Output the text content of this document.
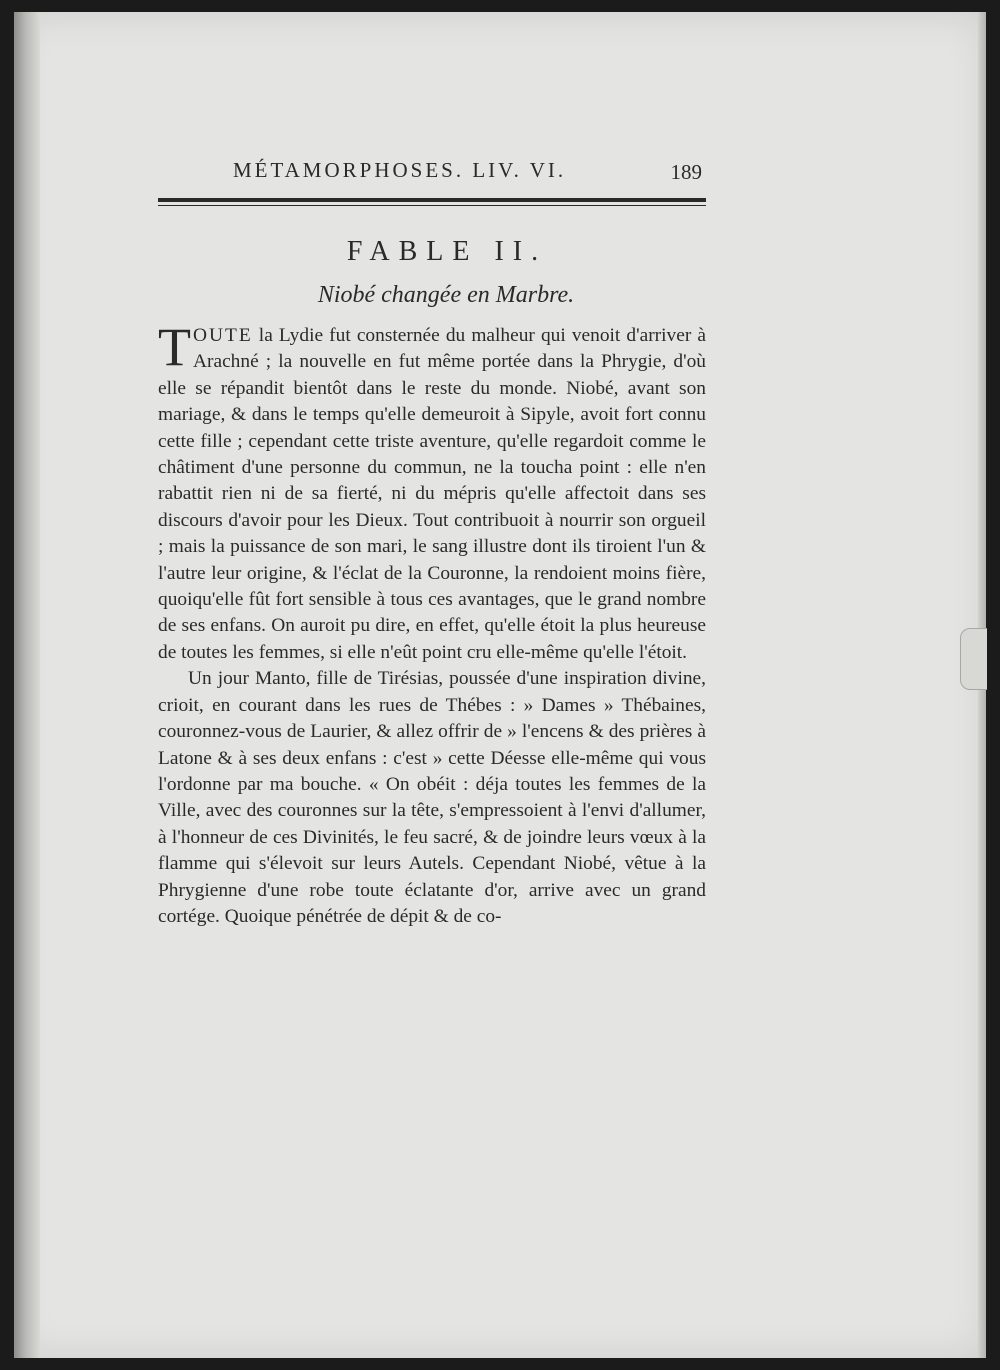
MÉTAMORPHOSES. LIV. VI.	189
FABLE II.
Niobé changée en Marbre.

TOUTE la Lydie fut consternée du malheur qui venoit d'arriver à Arachné ; la nouvelle en fut même portée dans la Phrygie, d'où elle se répandit bientôt dans le reste du monde. Niobé, avant son mariage, & dans le temps qu'elle demeuroit à Sipyle, avoit fort connu cette fille ; cependant cette triste aventure, qu'elle regardoit comme le châtiment d'une personne du commun, ne la toucha point : elle n'en rabattit rien ni de sa fierté, ni du mépris qu'elle affectoit dans ses discours d'avoir pour les Dieux. Tout contribuoit à nourrir son orgueil ; mais la puissance de son mari, le sang illustre dont ils tiroient l'un & l'autre leur origine, & l'éclat de la Couronne, la rendoient moins fière, quoiqu'elle fût fort sensible à tous ces avantages, que le grand nombre de ses enfans. On auroit pu dire, en effet, qu'elle étoit la plus heureuse de toutes les femmes, si elle n'eût point cru elle-même qu'elle l'étoit.

Un jour Manto, fille de Tirésias, poussée d'une inspiration divine, crioit, en courant dans les rues de Thébes : » Dames » Thébaines, couronnez-vous de Laurier, & allez offrir de » l'encens & des prières à Latone & à ses deux enfans : c'est » cette Déesse elle-même qui vous l'ordonne par ma bouche. « On obéit : déja toutes les femmes de la Ville, avec des couronnes sur la tête, s'empressoient à l'envi d'allumer, à l'honneur de ces Divinités, le feu sacré, & de joindre leurs vœux à la flamme qui s'élevoit sur leurs Autels. Cependant Niobé, vêtue à la Phrygienne d'une robe toute éclatante d'or, arrive avec un grand cortége. Quoique pénétrée de dépit & de co-
